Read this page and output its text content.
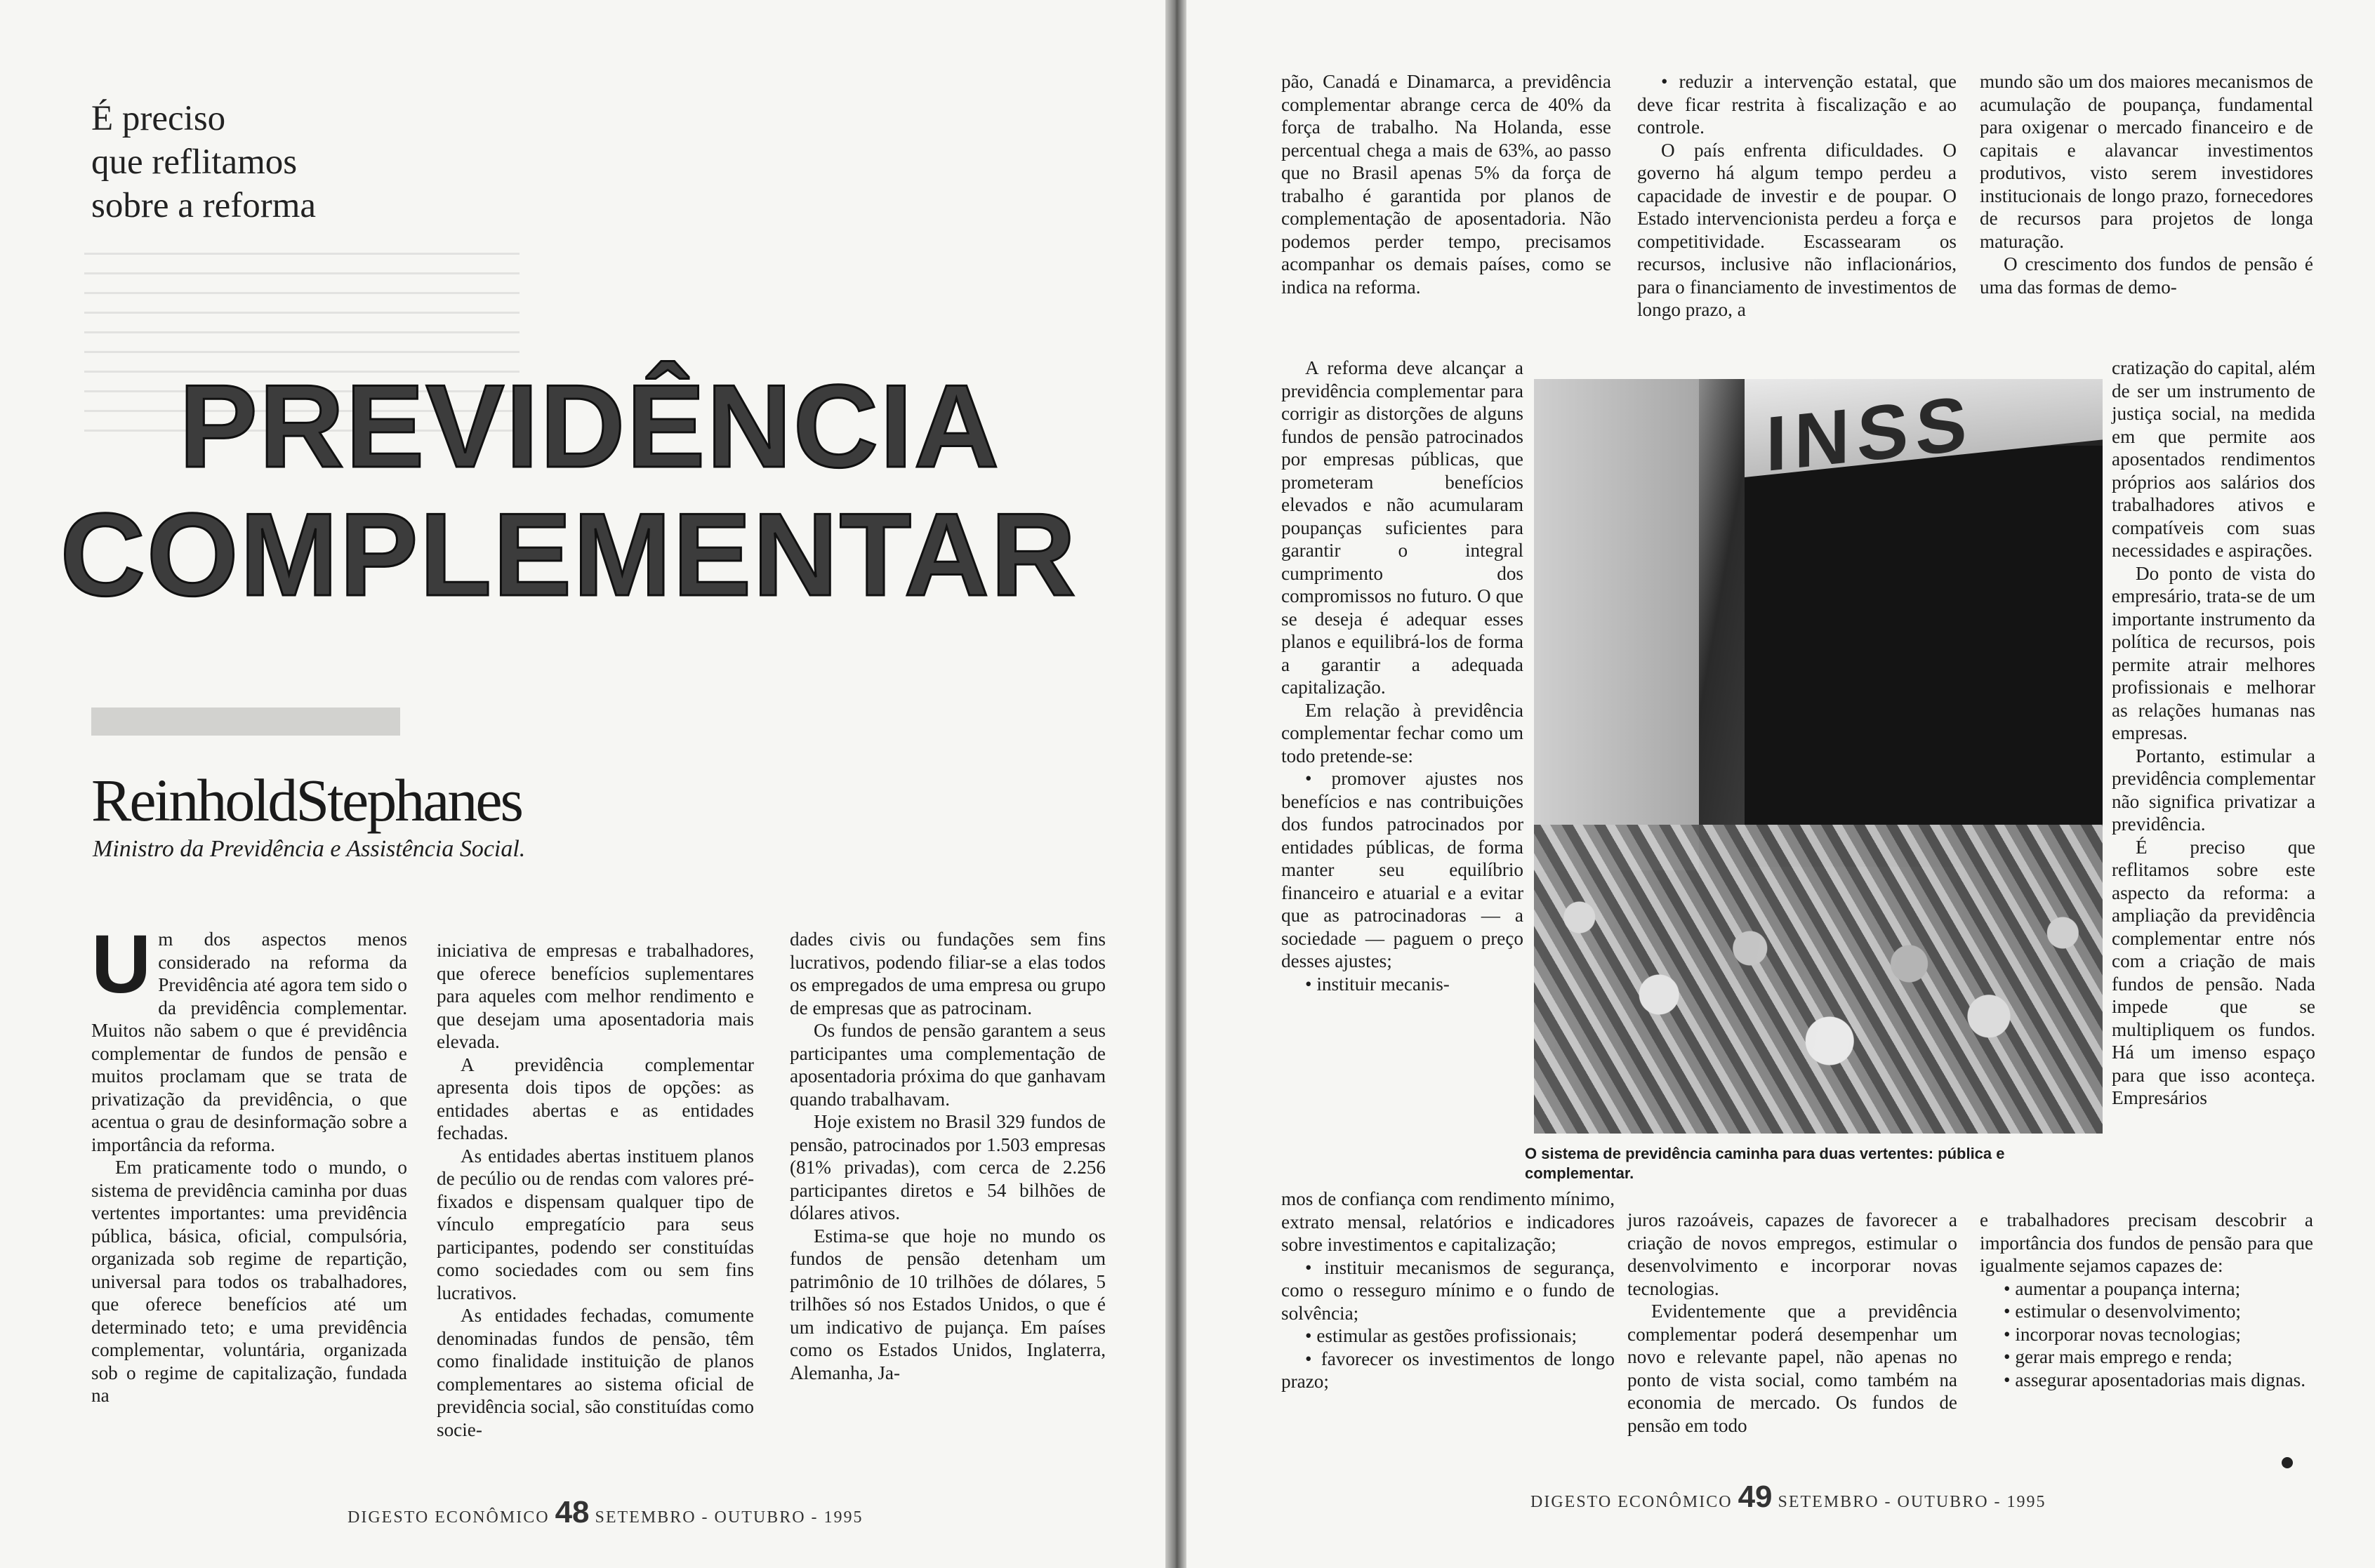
É preciso
que reflitamos
sobre a reforma
PREVIDÊNCIA
COMPLEMENTAR
ReinholdStephanes
Ministro da Previdência e Assistência Social.

Um dos aspectos menos considerado na reforma da Previdência até agora tem sido o da previdência complementar. Muitos não sabem o que é previdência complementar de fundos de pensão e muitos proclamam que se trata de privatização da previdência, o que acentua o grau de desinformação sobre a importância da reforma.

Em praticamente todo o mundo, o sistema de previdência caminha por duas vertentes importantes: uma previdência pública, básica, oficial, compulsória, organizada sob regime de repartição, universal para todos os trabalhadores, que oferece benefícios até um determinado teto; e uma previdência complementar, voluntária, organizada sob o regime de capitalização, fundada na

iniciativa de empresas e trabalhadores, que oferece benefícios suplementares para aqueles com melhor rendimento e que desejam uma aposentadoria mais elevada.

A previdência complementar apresenta dois tipos de opções: as entidades abertas e as entidades fechadas.

As entidades abertas instituem planos de pecúlio ou de rendas com valores pré-fixados e dispensam qualquer tipo de vínculo empregatício para seus participantes, podendo ser constituídas como sociedades com ou sem fins lucrativos.

As entidades fechadas, comumente denominadas fundos de pensão, têm como finalidade instituição de planos complementares ao sistema oficial de previdência social, são constituídas como socie-

dades civis ou fundações sem fins lucrativos, podendo filiar-se a elas todos os empregados de uma empresa ou grupo de empresas que as patrocinam.

Os fundos de pensão garantem a seus participantes uma complementação de aposentadoria próxima do que ganhavam quando trabalhavam.

Hoje existem no Brasil 329 fundos de pensão, patrocinados por 1.503 empresas (81% privadas), com cerca de 2.256 participantes diretos e 54 bilhões de dólares ativos.

Estima-se que hoje no mundo os fundos de pensão detenham um patrimônio de 10 trilhões de dólares, 5 trilhões só nos Estados Unidos, o que é um indicativo de pujança. Em países como os Estados Unidos, Inglaterra, Alemanha, Ja-

DIGESTO ECONÔMICO 48 SETEMBRO - OUTUBRO - 1995

pão, Canadá e Dinamarca, a previdência complementar abrange cerca de 40% da força de trabalho. Na Holanda, esse percentual chega a mais de 63%, ao passo que no Brasil apenas 5% da força de trabalho é garantida por planos de complementação de aposentadoria. Não podemos perder tempo, precisamos acompanhar os demais países, como se indica na reforma.

A reforma deve alcançar a previdência complementar para corrigir as distorções de alguns fundos de pensão patrocinados por empresas públicas, que prometeram benefícios elevados e não acumularam poupanças suficientes para garantir o integral cumprimento dos compromissos no futuro. O que se deseja é adequar esses planos e equilibrá-los de forma a garantir a adequada capitalização.

Em relação à previdência complementar fechar como um todo pretende-se:

• promover ajustes nos benefícios e nas contribuições dos fundos patrocinados por entidades públicas, de forma manter seu equilíbrio financeiro e atuarial e a evitar que as patrocinadoras — a sociedade — paguem o preço desses ajustes;

• instituir mecanis-

mos de confiança com rendimento mínimo, extrato mensal, relatórios e indicadores sobre investimentos e capitalização;

• instituir mecanismos de segurança, como o resseguro mínimo e o fundo de solvência;

• estimular as gestões profissionais;

• favorecer os investimentos de longo prazo;

• reduzir a intervenção estatal, que deve ficar restrita à fiscalização e ao controle.

O país enfrenta dificuldades. O governo há algum tempo perdeu a capacidade de investir e de poupar. O Estado intervencionista perdeu a força e competitividade. Escassearam os recursos, inclusive não inflacionários, para o financiamento de investimentos de longo prazo, a

INSS
O sistema de previdência caminha para duas vertentes: pública e complementar.

juros razoáveis, capazes de favorecer a criação de novos empregos, estimular o desenvolvimento e incorporar novas tecnologias.

Evidentemente que a previdência complementar poderá desempenhar um novo e relevante papel, não apenas no ponto de vista social, como também na economia de mercado. Os fundos de pensão em todo

mundo são um dos maiores mecanismos de acumulação de poupança, fundamental para oxigenar o mercado financeiro e de capitais e alavancar investimentos produtivos, visto serem investidores institucionais de longo prazo, fornecedores de recursos para projetos de longa maturação.

O crescimento dos fundos de pensão é uma das formas de demo-

cratização do capital, além de ser um instrumento de justiça social, na medida em que permite aos aposentados rendimentos próprios aos salários dos trabalhadores ativos e compatíveis com suas necessidades e aspirações.

Do ponto de vista do empresário, trata-se de um importante instrumento da política de recursos, pois permite atrair melhores profissionais e melhorar as relações humanas nas empresas.

Portanto, estimular a previdência complementar não significa privatizar a previdência.

É preciso que reflitamos sobre este aspecto da reforma: a ampliação da previdência complementar entre nós com a criação de mais fundos de pensão. Nada impede que se multipliquem os fundos. Há um imenso espaço para que isso aconteça. Empresários

e trabalhadores precisam descobrir a importância dos fundos de pensão para que igualmente sejamos capazes de:

• aumentar a poupança interna;

• estimular o desenvolvimento;

• incorporar novas tecnologias;

• gerar mais emprego e renda;

• assegurar aposentadorias mais dignas.

DIGESTO ECONÔMICO 49 SETEMBRO - OUTUBRO - 1995
